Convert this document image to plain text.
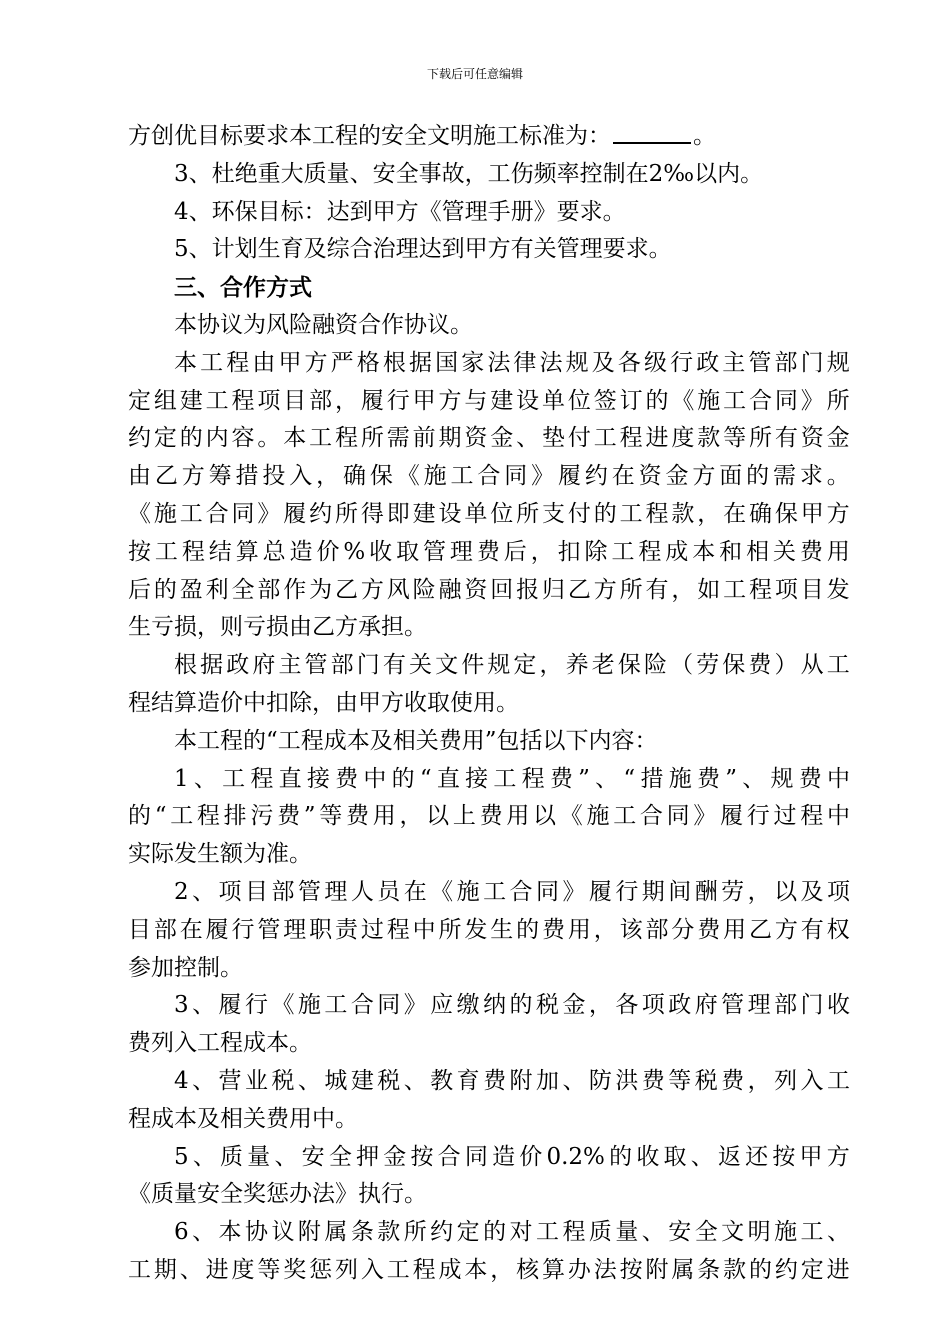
下载后可任意编辑
方创优目标要求本工程的安全文明施工标准为：	。
3、杜绝重大质量、安全事故，工伤频率控制在2‰以内。
4、环保目标：达到甲方《管理手册》要求。
5、计划生育及综合治理达到甲方有关管理要求。
三、合作方式
本协议为风险融资合作协议。
本 工 程 由 甲 方 严 格 根 据 国 家 法 律 法 规 及 各 级 行 政 主 管 部 门 规
定 组 建 工 程 项 目 部 ， 履 行 甲 方 与 建 设 单 位 签 订 的 《 施 工 合 同 》 所
约 定 的 内 容 。 本 工 程 所 需 前 期 资 金 、 垫 付 工 程 进 度 款 等 所 有 资 金
由 乙 方 筹 措 投 入 ， 确 保 《 施 工 合 同 》 履 约 在 资 金 方 面 的 需 求 。
《 施 工 合 同 》 履 约 所 得 即 建 设 单 位 所 支 付 的 工 程 款 ， 在 确 保 甲 方
按 工 程 结 算 总 造 价 % 收 取 管 理 费 后 ， 扣 除 工 程 成 本 和 相 关 费 用
后 的 盈 利 全 部 作 为 乙 方 风 险 融 资 回 报 归 乙 方 所 有 ， 如 工 程 项 目 发
生亏损，则亏损由乙方承担。
根 据 政 府 主 管 部 门 有 关 文 件 规 定 ， 养 老 保 险 （ 劳 保 费 ） 从 工
程结算造价中扣除，由甲方收取使用。
本工程的“工程成本及相关费用”包括以下内容：
1 、 工 程 直 接 费 中 的 “ 直 接 工 程 费 ” 、 “ 措 施 费 ” 、 规 费 中
的 “ 工 程 排 污 费 ” 等 费 用 ， 以 上 费 用 以 《 施 工 合 同 》 履 行 过 程 中
实际发生额为准。
2 、 项 目 部 管 理 人 员 在 《 施 工 合 同 》 履 行 期 间 酬 劳 ， 以 及 项
目 部 在 履 行 管 理 职 责 过 程 中 所 发 生 的 费 用 ， 该 部 分 费 用 乙 方 有 权
参加控制。
3 、 履 行 《 施 工 合 同 》 应 缴 纳 的 税 金 ， 各 项 政 府 管 理 部 门 收
费列入工程成本。
4 、 营 业 税 、 城 建 税 、 教 育 费 附 加 、 防 洪 费 等 税 费 ， 列 入 工
程成本及相关费用中。
5 、 质 量 、 安 全 押 金 按 合 同 造 价 0.2% 的 收 取 、 返 还 按 甲 方
《质量安全奖惩办法》执行。
6 、 本 协 议 附 属 条 款 所 约 定 的 对 工 程 质 量 、 安 全 文 明 施 工 、
工 期 、 进 度 等 奖 惩 列 入 工 程 成 本 ， 核 算 办 法 按 附 属 条 款 的 约 定 进
